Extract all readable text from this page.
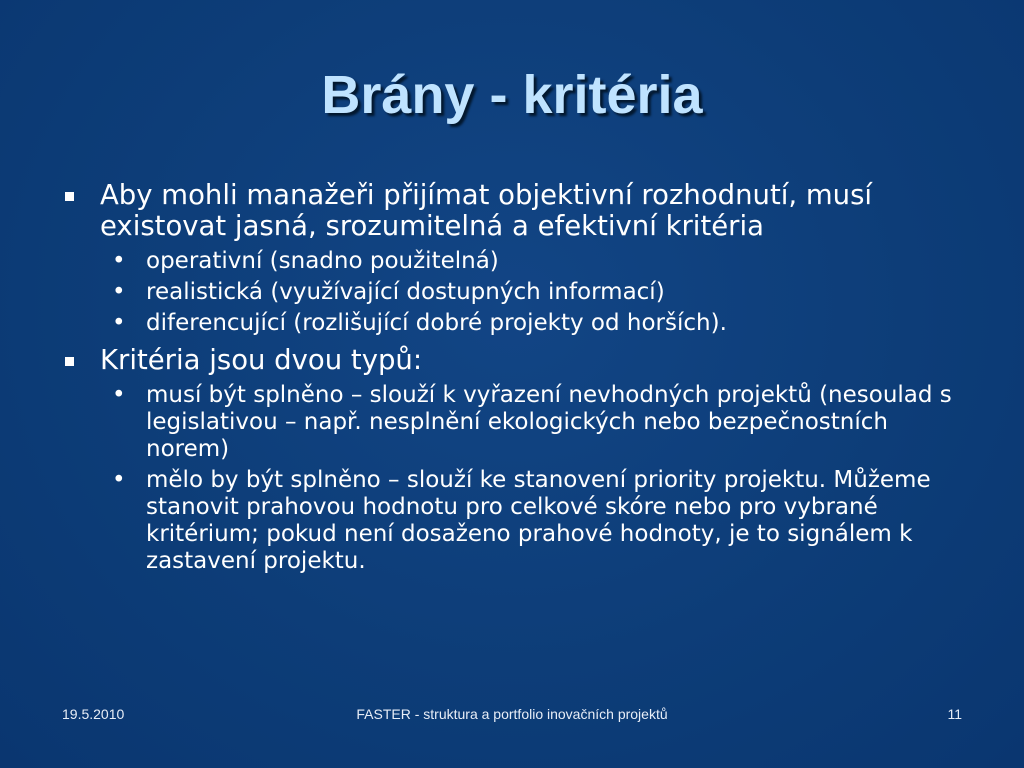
Brány - kritéria
Aby mohli manažeři přijímat objektivní rozhodnutí, musí existovat jasná, srozumitelná a efektivní kritéria
• operativní (snadno použitelná)
• realistická (využívající dostupných informací)
• diferencující (rozlišující dobré projekty od horších).
Kritéria jsou dvou typů:
• musí být splněno – slouží k vyřazení nevhodných projektů (nesoulad s legislativou – např. nesplnění ekologických nebo bezpečnostních norem)
• mělo by být splněno – slouží ke stanovení priority projektu. Můžeme stanovit prahovou hodnotu pro celkové skóre nebo pro vybrané kritérium; pokud není dosaženo prahové hodnoty, je to signálem k zastavení projektu.
19.5.2010	FASTER - struktura a portfolio inovačních projektů	11
